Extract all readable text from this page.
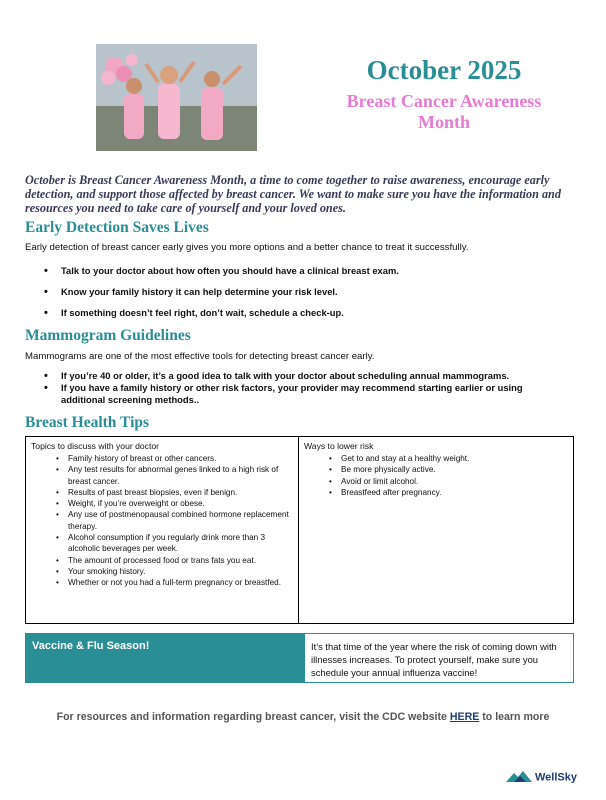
October 2025
Breast Cancer Awareness
Month
October is Breast Cancer Awareness Month, a time to come together to raise awareness, encourage early detection, and support those affected by breast cancer. We want to make sure you have the information and resources you need to take care of yourself and your loved ones.
Early Detection Saves Lives
Early detection of breast cancer early gives you more options and a better chance to treat it successfully.
• Talk to your doctor about how often you should have a clinical breast exam.
• Know your family history it can help determine your risk level.
• If something doesn’t feel right, don’t wait, schedule a check-up.
Mammogram Guidelines
Mammograms are one of the most effective tools for detecting breast cancer early.
• If you’re 40 or older, it’s a good idea to talk with your doctor about scheduling annual mammograms.
• If you have a family history or other risk factors, your provider may recommend starting earlier or using additional screening methods..
Breast Health Tips
Topics to discuss with your doctor
• Family history of breast or other cancers.
• Any test results for abnormal genes linked to a high risk of breast cancer.
• Results of past breast biopsies, even if benign.
• Weight, if you’re overweight or obese.
• Any use of postmenopausal combined hormone replacement therapy.
• Alcohol consumption if you regularly drink more than 3 alcoholic beverages per week.
• The amount of processed food or trans fats you eat.
• Your smoking history.
• Whether or not you had a full-term pregnancy or breastfed.
Ways to lower risk
• Get to and stay at a healthy weight.
• Be more physically active.
• Avoid or limit alcohol.
• Breastfeed after pregnancy.
Vaccine & Flu Season!	It’s that time of the year where the risk of coming down with illnesses increases. To protect yourself, make sure you schedule your annual influenza vaccine!
For resources and information regarding breast cancer, visit the CDC website HERE to learn more
WellSky
